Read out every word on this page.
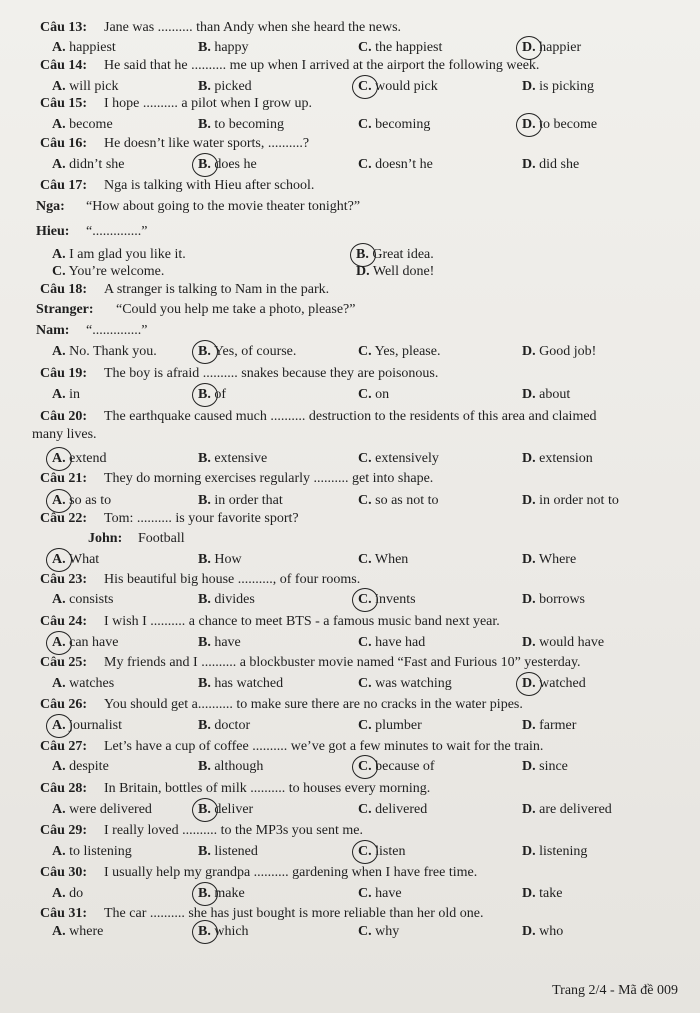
Câu 13: Jane was .......... than Andy when she heard the news.
A. happiest	B. happy	C. the happiest	D. happier
Câu 14: He said that he .......... me up when I arrived at the airport the following week.
A. will pick	B. picked	C. would pick	D. is picking
Câu 15: I hope .......... a pilot when I grow up.
A. become	B. to becoming	C. becoming	D. to become
Câu 16: He doesn’t like water sports, ..........?
A. didn’t she	B. does he	C. doesn’t he	D. did she
Câu 17: Nga is talking with Hieu after school.
Nga: “How about going to the movie theater tonight?”
Hieu: “..............”
A. I am glad you like it.	B. Great idea.
C. You’re welcome.	D. Well done!
Câu 18: A stranger is talking to Nam in the park.
Stranger: “Could you help me take a photo, please?”
Nam: “..............”
A. No. Thank you.	B. Yes, of course.	C. Yes, please.	D. Good job!
Câu 19: The boy is afraid .......... snakes because they are poisonous.
A. in	B. of	C. on	D. about
Câu 20: The earthquake caused much .......... destruction to the residents of this area and claimed
many lives.
A. extend	B. extensive	C. extensively	D. extension
Câu 21: They do morning exercises regularly .......... get into shape.
A. so as to	B. in order that	C. so as not to	D. in order not to
Câu 22: Tom: .......... is your favorite sport?
John: Football
A. What	B. How	C. When	D. Where
Câu 23: His beautiful big house .........., of four rooms.
A. consists	B. divides	C. invents	D. borrows
Câu 24: I wish I .......... a chance to meet BTS - a famous music band next year.
A. can have	B. have	C. have had	D. would have
Câu 25: My friends and I .......... a blockbuster movie named “Fast and Furious 10” yesterday.
A. watches	B. has watched	C. was watching	D. watched
Câu 26: You should get a.......... to make sure there are no cracks in the water pipes.
A. journalist	B. doctor	C. plumber	D. farmer
Câu 27: Let’s have a cup of coffee .......... we’ve got a few minutes to wait for the train.
A. despite	B. although	C. because of	D. since
Câu 28: In Britain, bottles of milk .......... to houses every morning.
A. were delivered	B. deliver	C. delivered	D. are delivered
Câu 29: I really loved .......... to the MP3s you sent me.
A. to listening	B. listened	C. listen	D. listening
Câu 30: I usually help my grandpa .......... gardening when I have free time.
A. do	B. make	C. have	D. take
Câu 31: The car .......... she has just bought is more reliable than her old one.
A. where	B. which	C. why	D. who
Trang 2/4 - Mã đề 009
